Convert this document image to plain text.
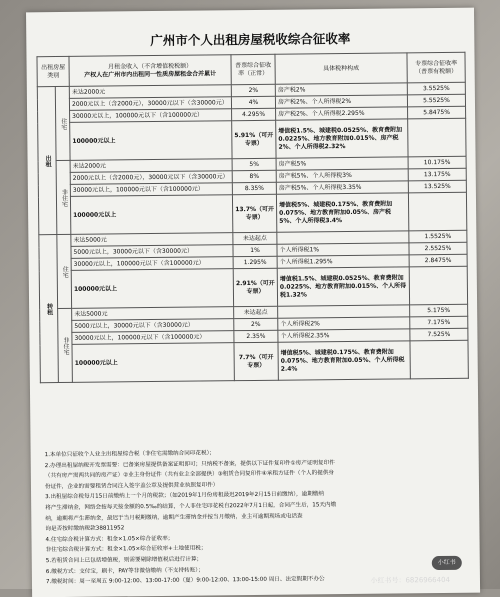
广州市个人出租房屋税收综合征收率
出租房屋类别		月租金收入（不含增值税税额）
产权人在广州市内出租同一性质房屋租金合并累计	普票综合征收率（正常）	具体税种构成	专票综合征收率（普票有税额）
出租	住宅	未达2000元	2%	房产税2%	3.5525%
		2000元以上（含2000元），30000元以下（含30000元）	4%	房产税2%、个人所得税2%	5.5525%
		30000元以上，100000元以下（含100000元）	4.295%	房产税2%、个人所得税2.295%	5.8475%
		100000元以上	5.91%（可开专票）	增值税1.5%、城建税0.0525%、教育费附加0.0225%、地方教育附加0.015%、房产税2%、个人所得税2.32%	
	非住宅	未达2000元	5%	房产税5%	10.175%
		2000元以上（含2000元），30000元以下（含30000元）	8%	房产税5%、个人所得税3%	13.175%
		30000元以上，100000元以下（含100000元）	8.35%	房产税5%、个人所得税3.35%	13.525%
		100000元以上	13.7%（可开专票）	增值税5%、城建税0.175%、教育费附加0.075%、地方教育附加0.05%、房产税5%、个人所得税3.4%	
转租	住宅	未达5000元	未达起点		1.5525%
		5000元以上，30000元以下（含30000元）	1%	个人所得税1%	2.5525%
		30000元以上，100000元以下（含100000元）	1.295%	个人所得税1.295%	2.8475%
		100000元以上	2.91%（可开专票）	增值税1.5%、城建税0.0525%、教育费附加0.0225%、地方教育附加0.015%、个人所得税1.32%	
	非住宅	未达5000元	未达起点		5.175%
		5000元以上，30000元以下（含30000元）	2%	个人所得税2%	7.175%
		30000元以上，100000元以下（含100000元）	2.35%	个人所得税2.35%	7.525%
		100000元以上	7.7%（可开专票）	增值税5%、城建税0.175%、教育费附加0.075%、地方教育附加0.05%、个人所得税2.4%	
1.本单位只征收个人业主出租屋综合税（非住宅需缴纳合同印花税）；
2.办理出租屋纳税开发票需要：已备案房屋提供备案证明即可；只纳税不备案，提供以下证件复印件①房产证明复印件
（共有房产需两共同的房产证）②业主身份证件（共有业主全部提供）③租赁合同复印件④承租方证件（个人的提供身
份证件，企业的需要租赁合同注入签字盖公章及提供营业执照复印件）
3.出租屋综合税每月15日前缴纳上一个月的税款；（如2019年1月份房租最迟2019年2月15日前缴纳），逾期缴纳
将产生滞纳金，网络会按每天按金额的0.5‰的结算，个人非住宅印花税自2022年7月1日起，合同产生后，15天内缴
纳，逾期将产生滞纳金，最迟于当月税期缴纳，逾期产生滞纳金并按当月缴纳，业主可逾期现场或电话查
询是否按时缴纳税款38811952
4.住宅综合税计算方式：租金×1.05×综合征收率；
非住宅综合税计算方式：租金×1.05×综合征收率+土地使用税；
5.若租赁合同上已包括增值税，则需要剔除增值税后进行计算；
6.缴税方式：支付宝，刷卡，PAY等非微信缴纳（不支持转账）；
7.缴税时间：周一至周五 9:00-12:00、13:00-17:00（夏）9:00-12:00、13:00-15:00 周日、法定假期不办公
小红书
小红书号：6826966404
